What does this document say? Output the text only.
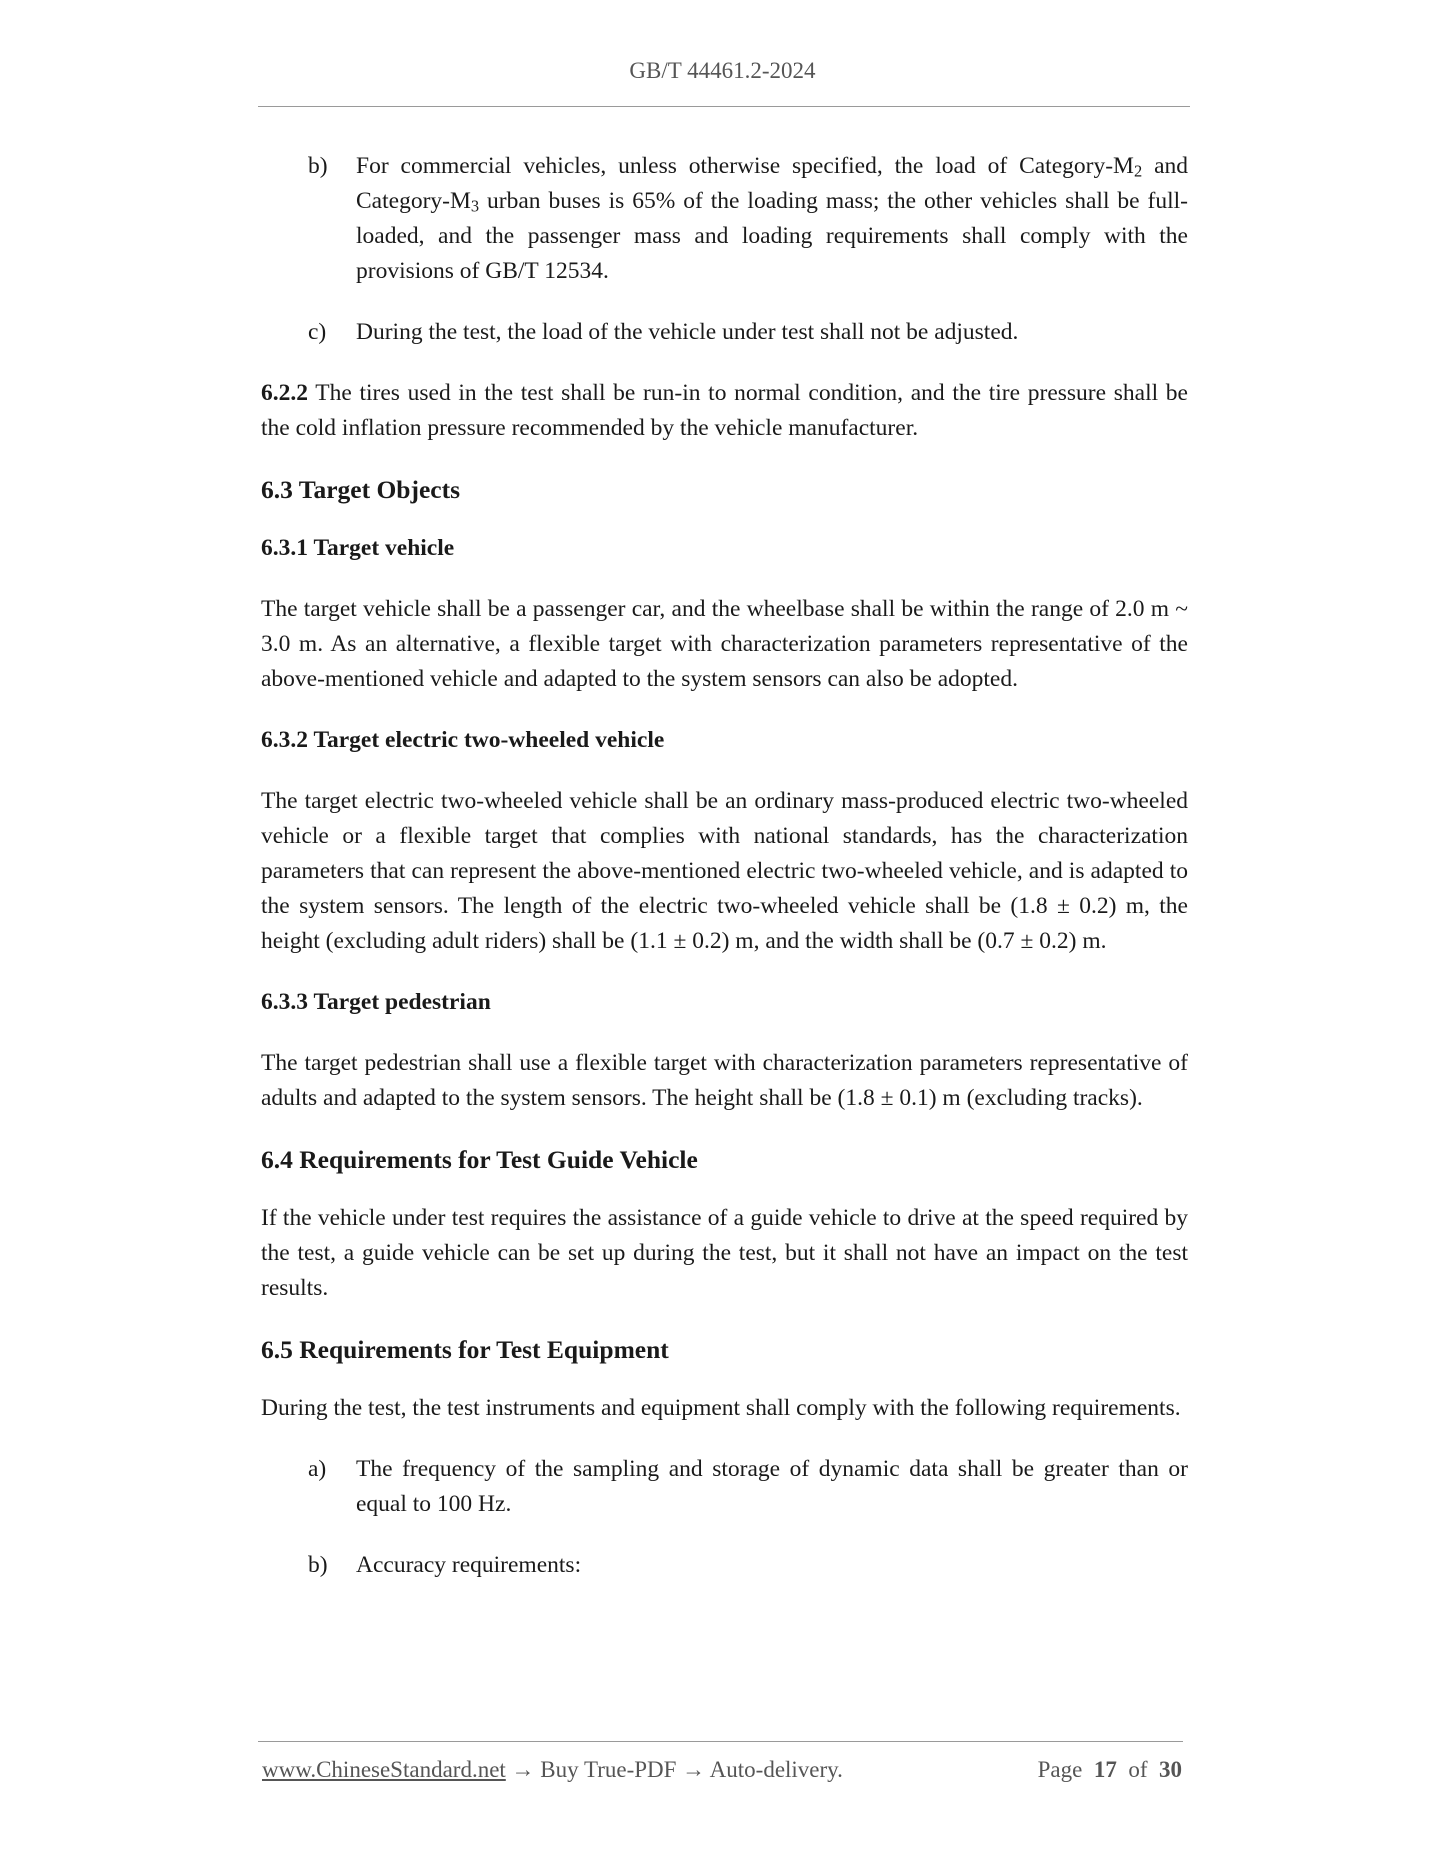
GB/T 44461.2-2024
b) For commercial vehicles, unless otherwise specified, the load of Category-$M_2$ and Category-$M_3$ urban buses is 65% of the loading mass; the other vehicles shall be full-loaded, and the passenger mass and loading requirements shall comply with the provisions of GB/T 12534.
c) During the test, the load of the vehicle under test shall not be adjusted.

6.2.2 The tires used in the test shall be run-in to normal condition, and the tire pressure shall be the cold inflation pressure recommended by the vehicle manufacturer.

6.3 Target Objects
6.3.1 Target vehicle

The target vehicle shall be a passenger car, and the wheelbase shall be within the range of 2.0 m ~ 3.0 m. As an alternative, a flexible target with characterization parameters representative of the above-mentioned vehicle and adapted to the system sensors can also be adopted.

6.3.2 Target electric two-wheeled vehicle

The target electric two-wheeled vehicle shall be an ordinary mass-produced electric two-wheeled vehicle or a flexible target that complies with national standards, has the characterization parameters that can represent the above-mentioned electric two-wheeled vehicle, and is adapted to the system sensors. The length of the electric two-wheeled vehicle shall be (1.8 ± 0.2) m, the height (excluding adult riders) shall be (1.1 ± 0.2) m, and the width shall be (0.7 ± 0.2) m.

6.3.3 Target pedestrian

The target pedestrian shall use a flexible target with characterization parameters representative of adults and adapted to the system sensors. The height shall be (1.8 ± 0.1) m (excluding tracks).

6.4 Requirements for Test Guide Vehicle

If the vehicle under test requires the assistance of a guide vehicle to drive at the speed required by the test, a guide vehicle can be set up during the test, but it shall not have an impact on the test results.

6.5 Requirements for Test Equipment

During the test, the test instruments and equipment shall comply with the following requirements.

a) The frequency of the sampling and storage of dynamic data shall be greater than or equal to 100 Hz.
b) Accuracy requirements:
www.ChineseStandard.net → Buy True-PDF → Auto-delivery.	Page 17 of 30
